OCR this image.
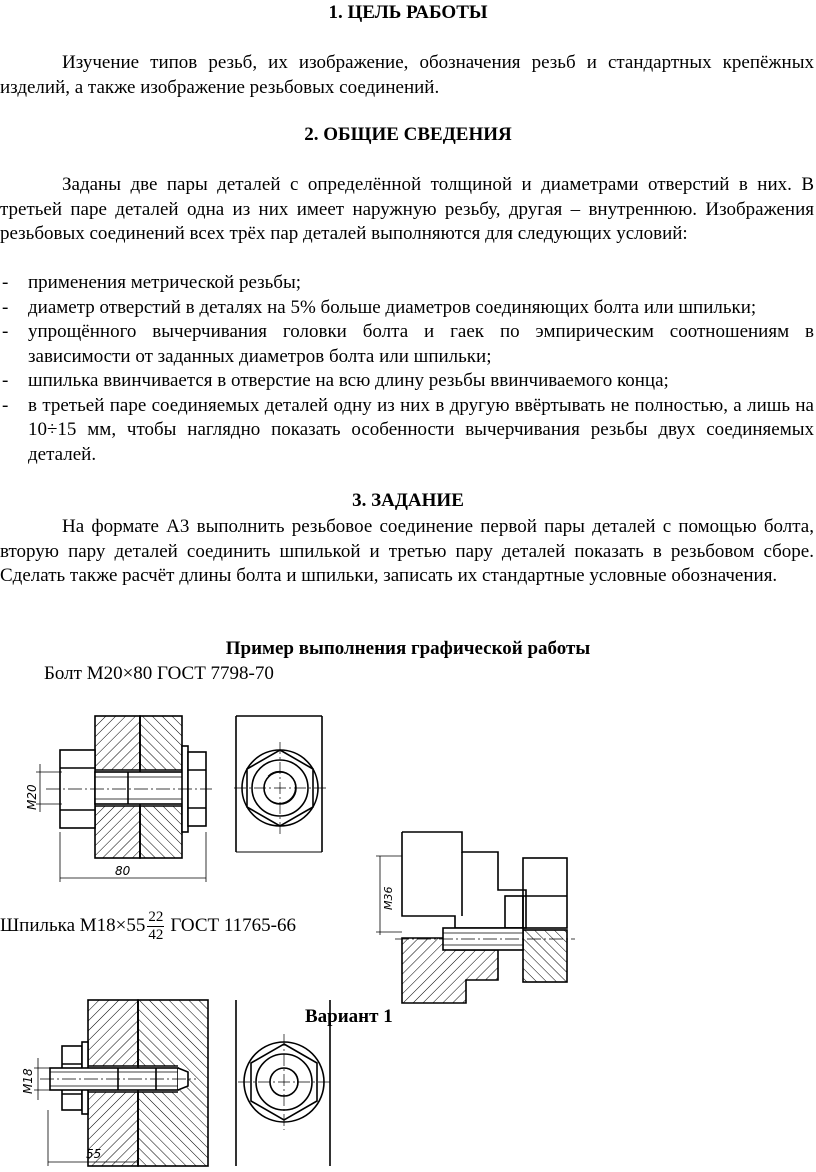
1. ЦЕЛЬ РАБОТЫ
Изучение типов резьб, их изображение, обозначения резьб и стандартных крепёжных изделий, а также изображение резьбовых соединений.
2. ОБЩИЕ СВЕДЕНИЯ
Заданы две пары деталей с определённой толщиной и диаметрами отверстий в них. В третьей паре деталей одна из них имеет наружную резьбу, другая – внутреннюю. Изображения резьбовых соединений всех трёх пар деталей выполняются для следующих условий:
- применения метрической резьбы;
- диаметр отверстий в деталях на 5% больше диаметров соединяющих болта или шпильки;
- упрощённого вычерчивания головки болта и гаек по эмпирическим соотношениям в зависимости от заданных диаметров болта или шпильки;
- шпилька ввинчивается в отверстие на всю длину резьбы ввинчиваемого конца;
- в третьей паре соединяемых деталей одну из них в другую ввёртывать не полностью, а лишь на 10÷15 мм, чтобы наглядно показать особенности вычерчивания резьбы двух соединяемых деталей.
3. ЗАДАНИЕ
На формате А3 выполнить резьбовое соединение первой пары деталей с помощью болта, вторую пару деталей соединить шпилькой и третью пару деталей показать в резьбовом сборе. Сделать также расчёт длины болта и шпильки, записать их стандартные условные обозначения.
Пример выполнения графической работы
Болт М20×80 ГОСТ 7798-70
Шпилька $М18\times 55 \frac{22}{42}$ ГОСТ 11765-66
Вариант 1
М20
80
М36
М18
55
